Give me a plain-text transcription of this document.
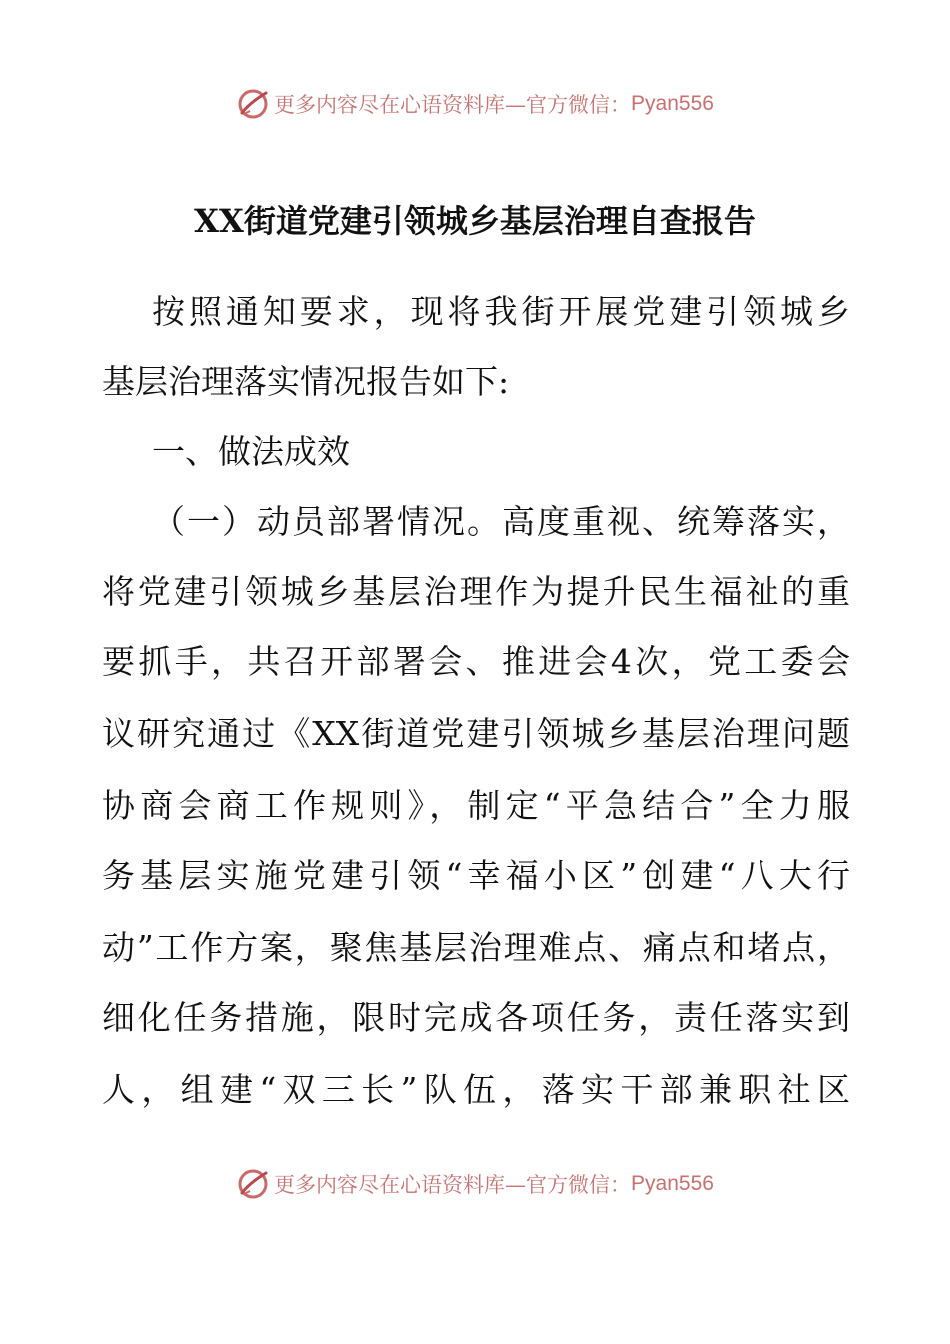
更多内容尽在心语资料库—官方微信： Pyan556
XX街道党建引领城乡基层治理自查报告
按照通知要求，现将我街开展党建引领城乡
基层治理落实情况报告如下:
一、做法成效
（一）动员部署情况。高度重视、统筹落实，
将党建引领城乡基层治理作为提升民生福祉的重
要抓手，共召开部署会、推进会4次，党工委会
议研究通过《XX街道党建引领城乡基层治理问题
协商会商工作规则》，制定“平急结合”全力服
务基层实施党建引领“幸福小区”创建“八大行
动”工作方案，聚焦基层治理难点、痛点和堵点，
细化任务措施，限时完成各项任务，责任落实到
人，组建“双三长”队伍，落实干部兼职社区
更多内容尽在心语资料库—官方微信： Pyan556
